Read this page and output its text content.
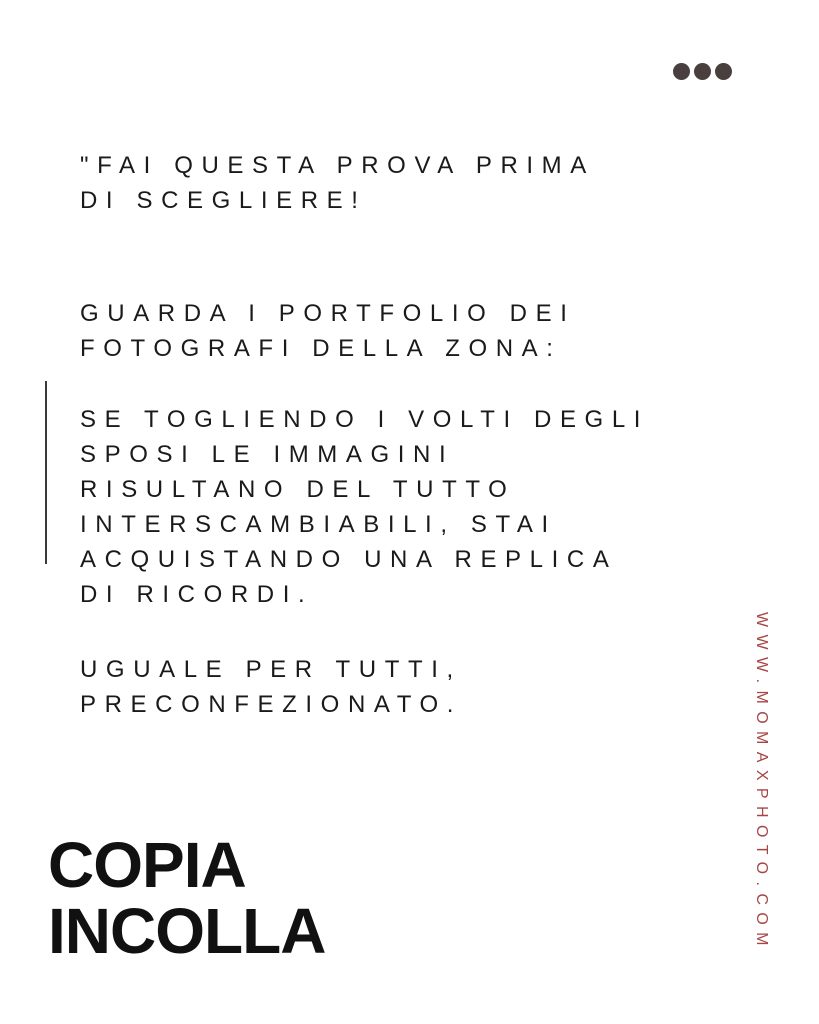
"FAI QUESTA PROVA PRIMA
DI SCEGLIERE!

GUARDA I PORTFOLIO DEI
FOTOGRAFI DELLA ZONA:

SE TOGLIENDO I VOLTI DEGLI
SPOSI LE IMMAGINI
RISULTANO DEL TUTTO
INTERSCAMBIABILI, STAI
ACQUISTANDO UNA REPLICA
DI RICORDI.

UGUALE PER TUTTI,
PRECONFEZIONATO.	WWW.MOMAXPHOTO.COM
COPIA
INCOLLA
